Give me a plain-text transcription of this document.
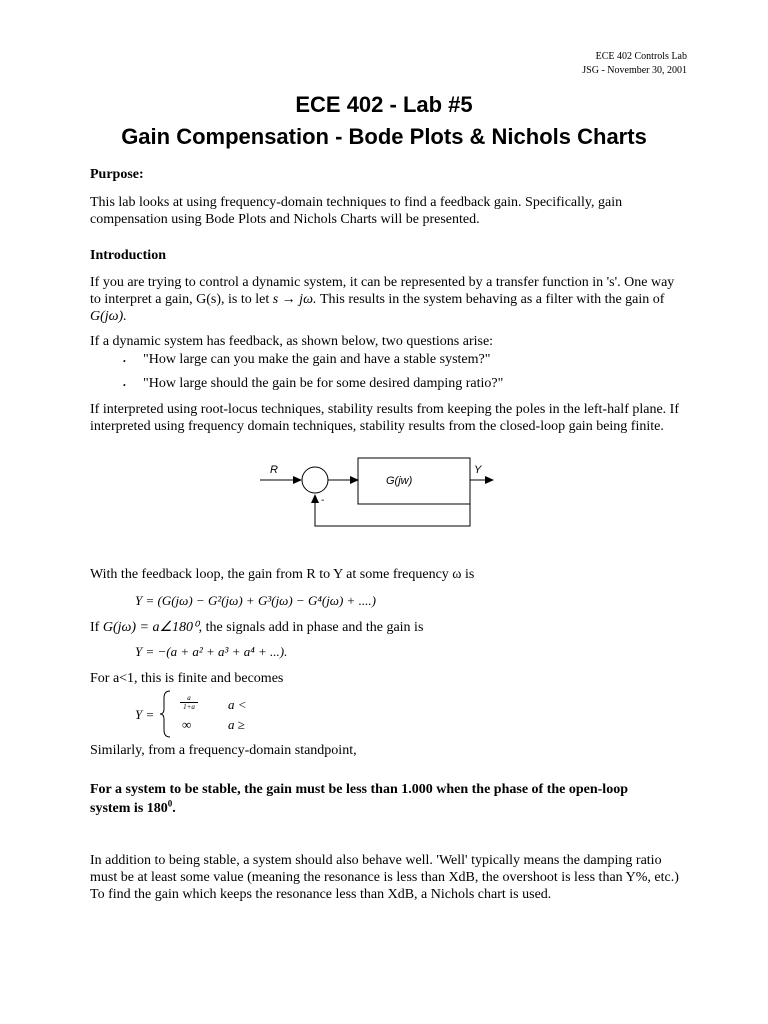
ECE 402 Controls Lab
JSG - November 30, 2001
ECE 402 - Lab #5
Gain Compensation - Bode Plots & Nichols Charts
Purpose:
This lab looks at using frequency-domain techniques to find a feedback gain. Specifically, gain
compensation using Bode Plots and Nichols Charts will be presented.
Introduction
If you are trying to control a dynamic system, it can be represented by a transfer function in 's'. One way
to interpret a gain, G(s), is to let s → jω. This results in the system behaving as a filter with the gain of
G(jω).
If a dynamic system has feedback, as shown below, two questions arise:
• "How large can you make the gain and have a stable system?"
• "How large should the gain be for some desired damping ratio?"
If interpreted using root-locus techniques, stability results from keeping the poles in the left-half plane. If
interpreted using frequency domain techniques, stability results from the closed-loop gain being finite.
R
G(jw)
Y
-
With the feedback loop, the gain from R to Y at some frequency ω is
Y = (G(jω) − G²(jω) + G³(jω) − G⁴(jω) + ....)
If G(jω) = a∠180⁰, the signals add in phase and the gain is
Y = −(a + a² + a³ + a⁴ + ...).
For a<1, this is finite and becomes
Y =
$\frac{a}{1+a}$ a <
∞	a ≥
Similarly, from a frequency-domain standpoint,
For a system to be stable, the gain must be less than 1.000 when the phase of the open-loop
system is $180^0$.
In addition to being stable, a system should also behave well. 'Well' typically means the damping ratio
must be at least some value (meaning the resonance is less than XdB, the overshoot is less than Y%, etc.)
To find the gain which keeps the resonance less than XdB, a Nichols chart is used.
